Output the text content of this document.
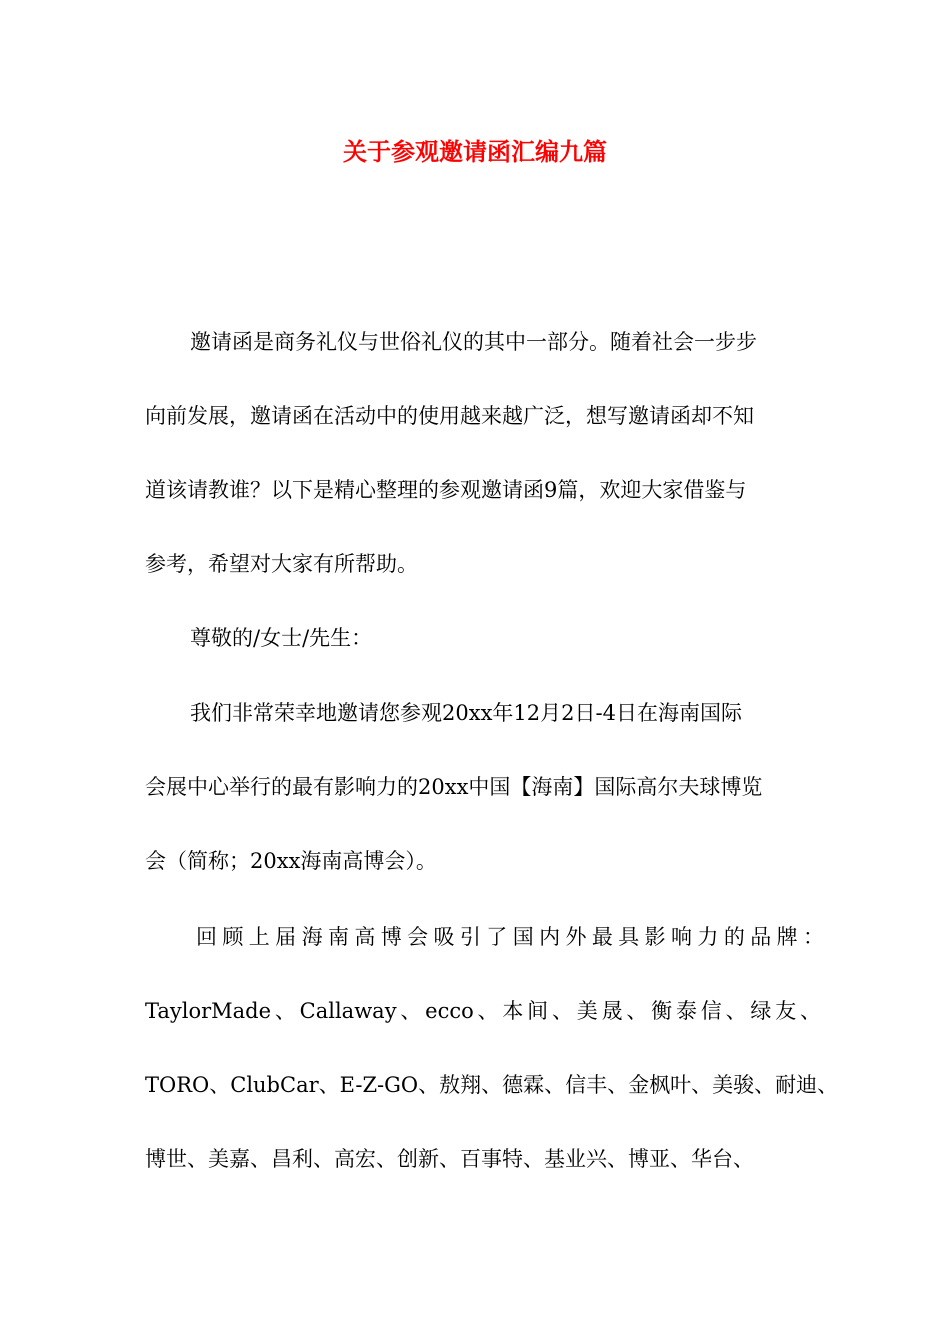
关于参观邀请函汇编九篇
邀请函是商务礼仪与世俗礼仪的其中一部分。随着社会一步步
向前发展，邀请函在活动中的使用越来越广泛，想写邀请函却不知
道该请教谁？以下是精心整理的参观邀请函9篇，欢迎大家借鉴与
参考，希望对大家有所帮助。
尊敬的/女士/先生：
我们非常荣幸地邀请您参观20xx年12月2日-4日在海南国际
会展中心举行的最有影响力的20xx中国【海南】国际高尔夫球博览
会（简称；20xx海南高博会）。
回顾上届海南高博会吸引了国内外最具影响力的品牌：
TaylorMade、Callaway、ecco、本间、美晟、衡泰信、绿友、
TORO、ClubCar、E-Z-GO、敖翔、德霖、信丰、金枫叶、美骏、耐迪、
博世、美嘉、昌利、高宏、创新、百事特、基业兴、博亚、华台、
